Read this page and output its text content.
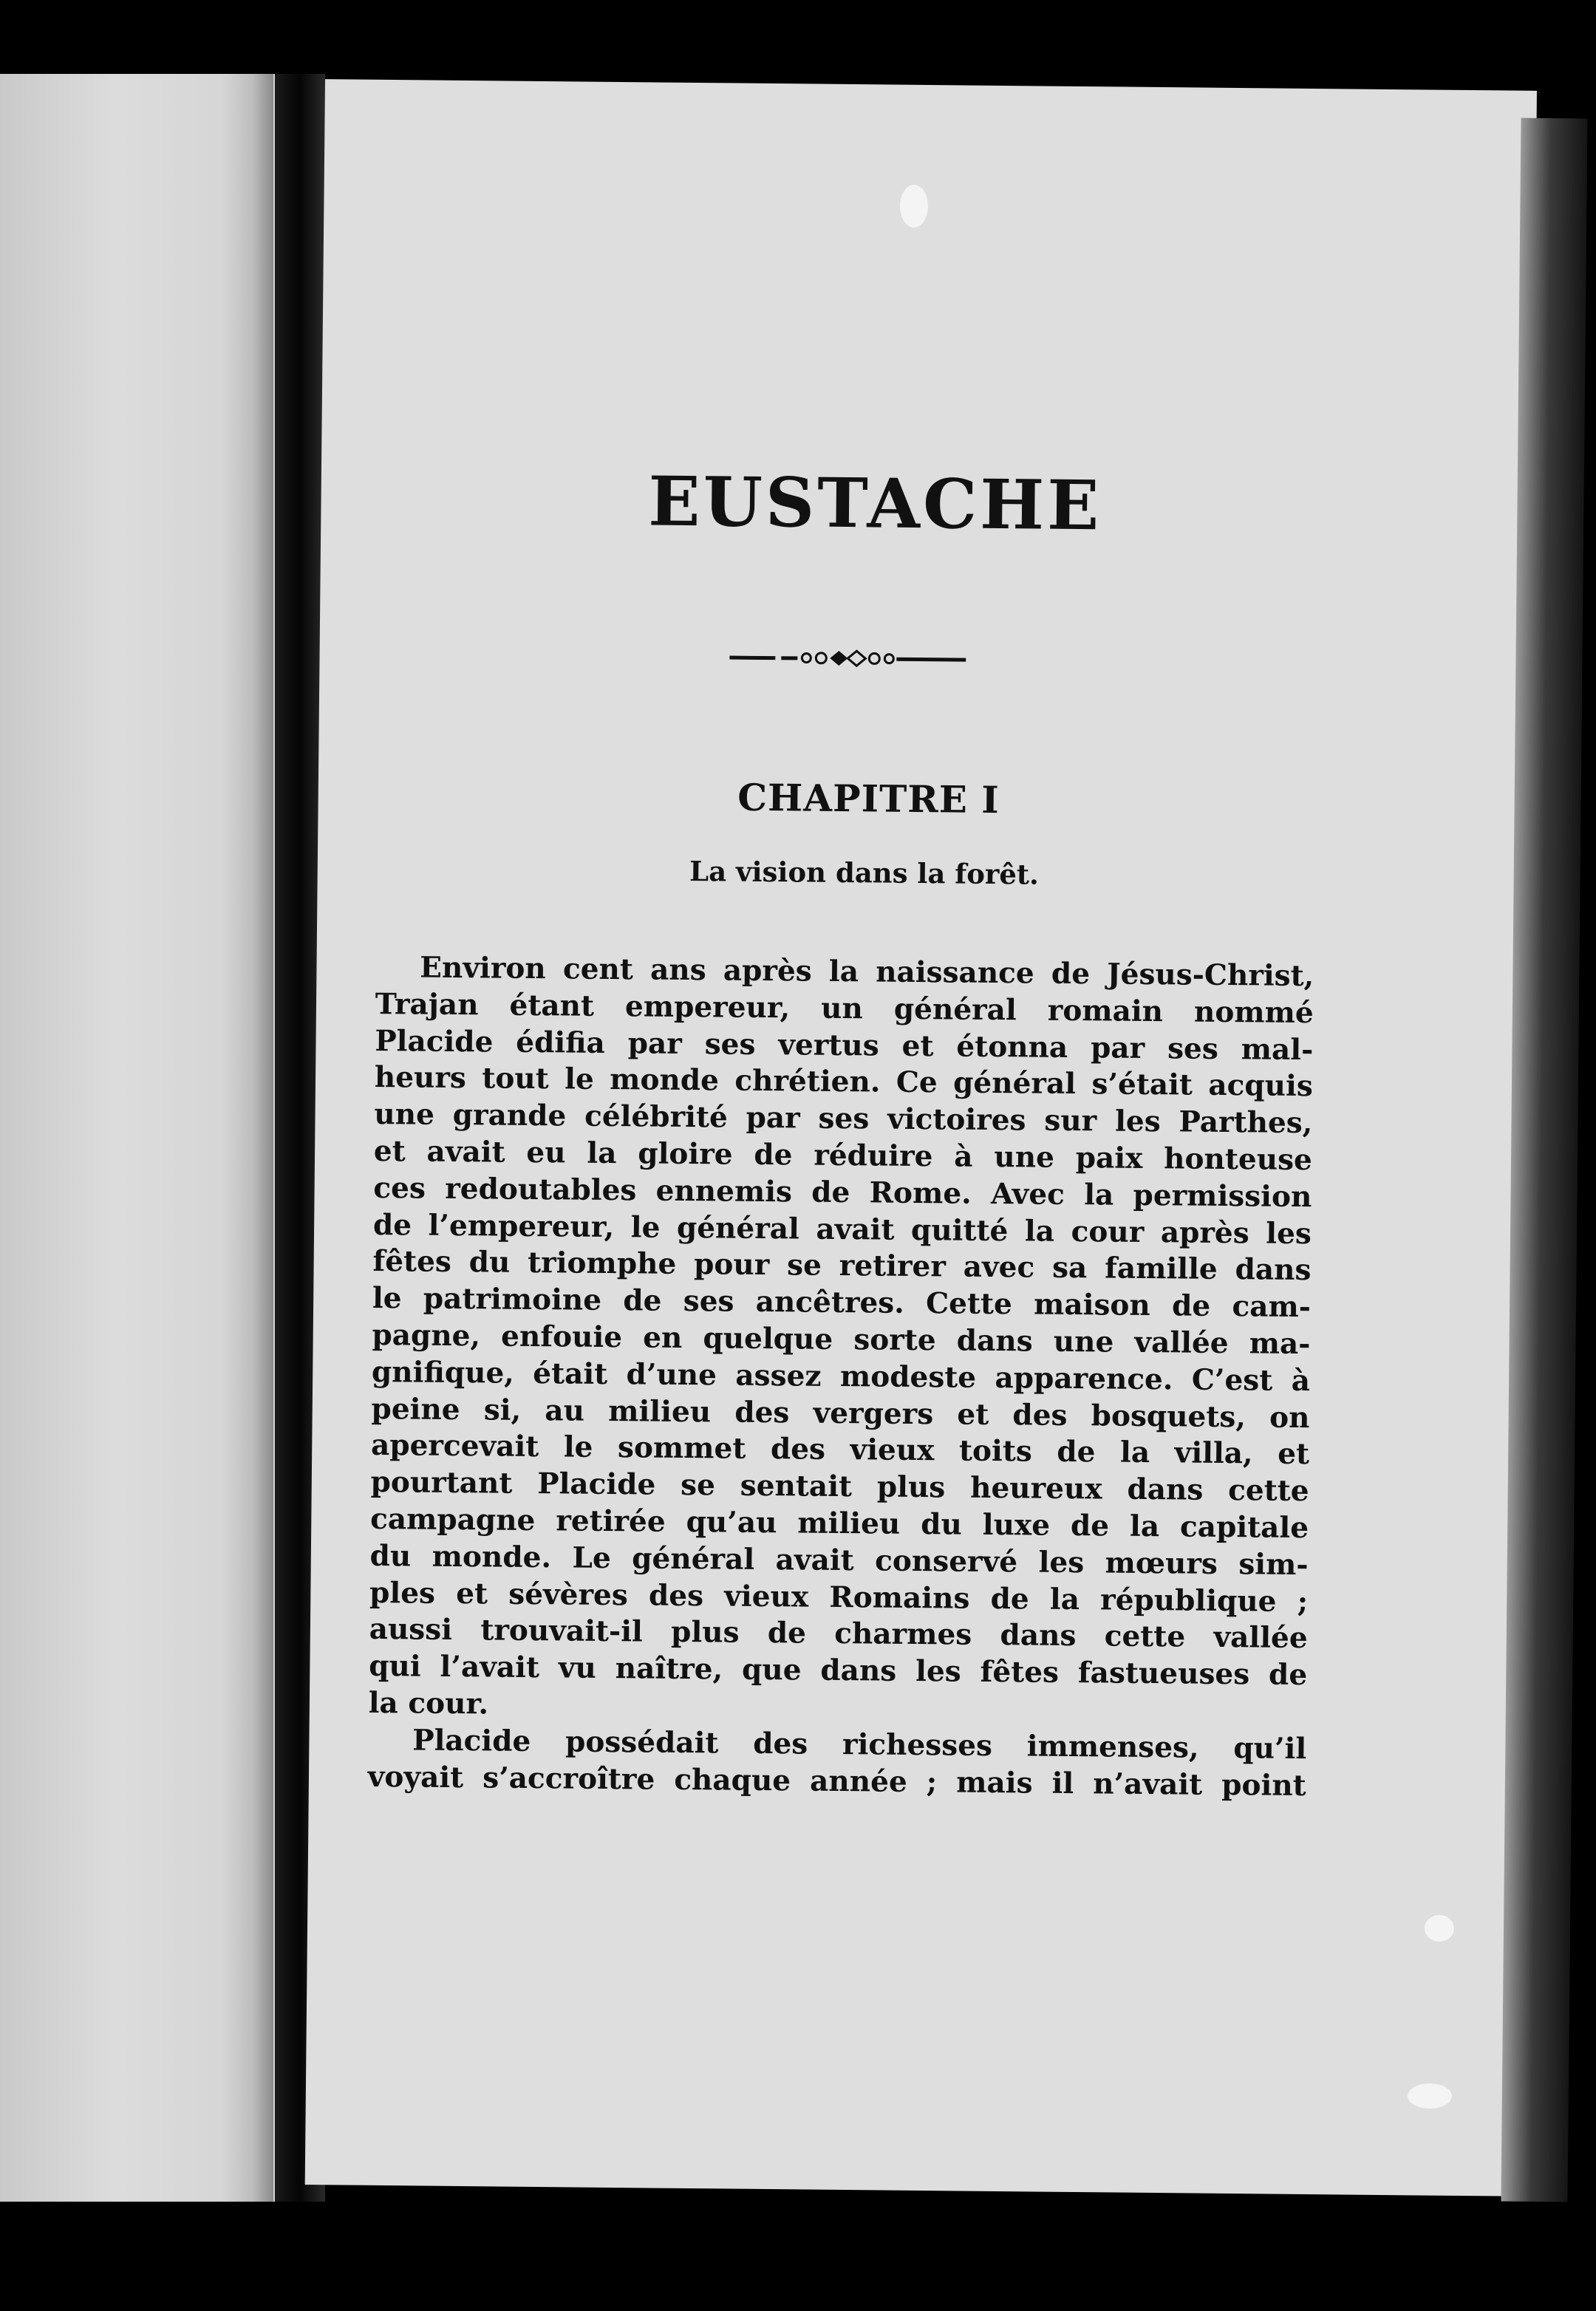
EUSTACHE
CHAPITRE I
La vision dans la forêt.
Environ cent ans après la naissance de Jésus-Christ,
Trajan étant empereur, un général romain nommé
Placide édifia par ses vertus et étonna par ses mal-
heurs tout le monde chrétien. Ce général s’était acquis
une grande célébrité par ses victoires sur les Parthes,
et avait eu la gloire de réduire à une paix honteuse
ces redoutables ennemis de Rome. Avec la permission
de l’empereur, le général avait quitté la cour après les
fêtes du triomphe pour se retirer avec sa famille dans
le patrimoine de ses ancêtres. Cette maison de cam-
pagne, enfouie en quelque sorte dans une vallée ma-
gnifique, était d’une assez modeste apparence. C’est à
peine si, au milieu des vergers et des bosquets, on
apercevait le sommet des vieux toits de la villa, et
pourtant Placide se sentait plus heureux dans cette
campagne retirée qu’au milieu du luxe de la capitale
du monde. Le général avait conservé les mœurs sim-
ples et sévères des vieux Romains de la république ;
aussi trouvait-il plus de charmes dans cette vallée
qui l’avait vu naître, que dans les fêtes fastueuses de
la cour.
Placide possédait des richesses immenses, qu’il
voyait s’accroître chaque année ; mais il n’avait point
